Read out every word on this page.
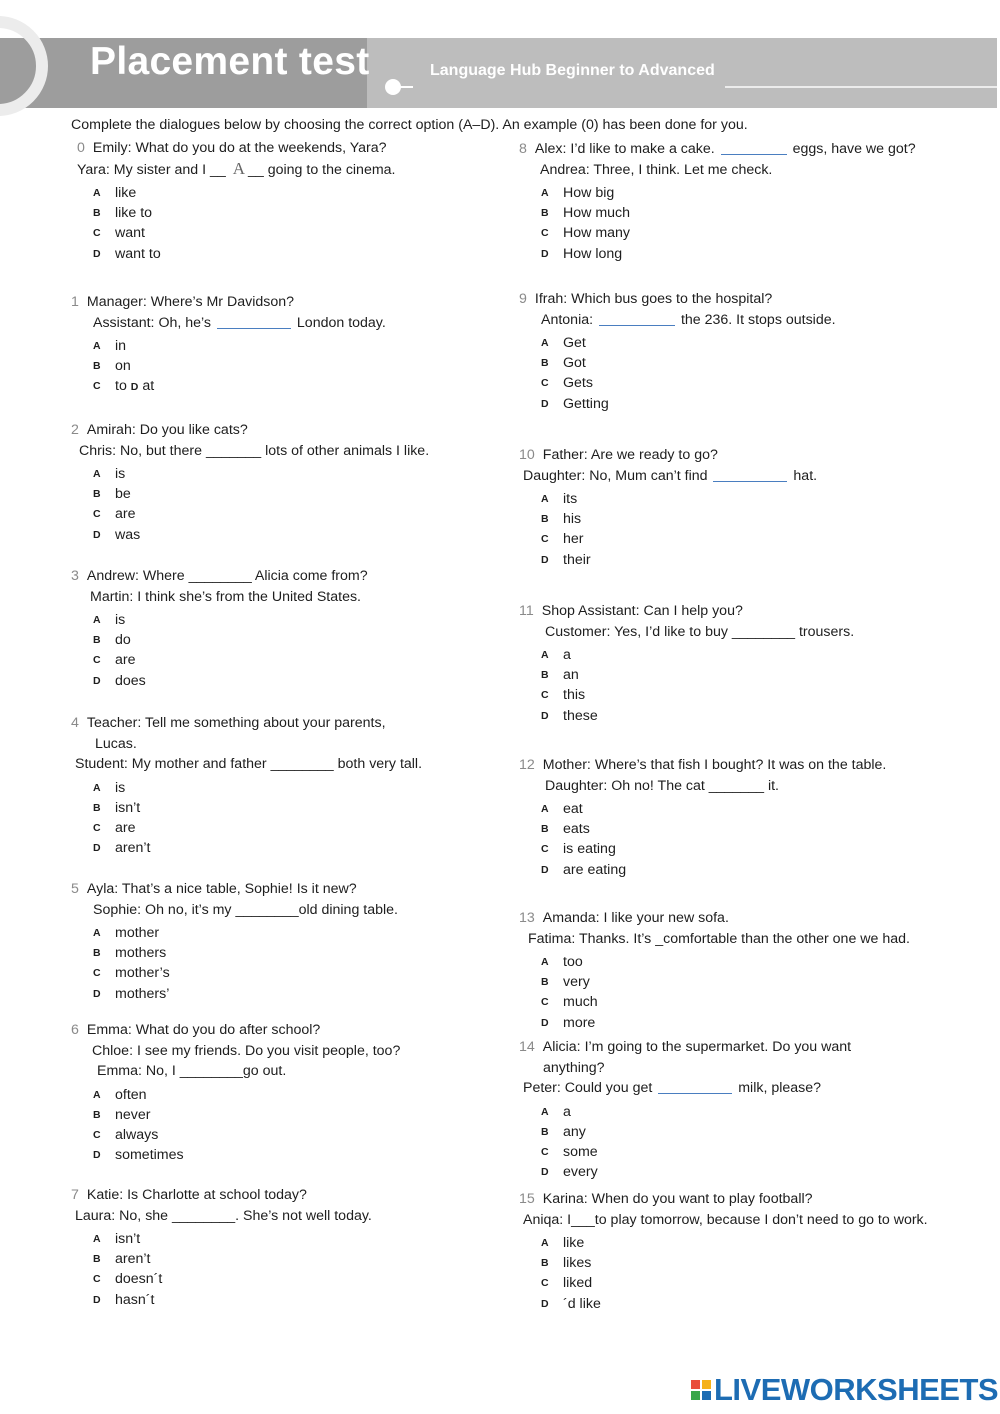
Placement test	Language Hub Beginner to Advanced
Complete the dialogues below by choosing the correct option (A–D). An example (0) has been done for you.
0 Emily: What do you do at the weekends, Yara?
Yara: My sister and I __ A __ going to the cinema.
A like
B like to
C want
D want to
1 Manager: Where’s Mr Davidson?
Assistant: Oh, he’s	London today.
A in
B on
C to D at
2 Amirah: Do you like cats?
Chris: No, but there _______ lots of other animals I like.
A is
B be
C are
D was
3 Andrew: Where ________ Alicia come from?
Martin: I think she’s from the United States.
A is
B do
C are
D does
4 Teacher: Tell me something about your parents,
Lucas.
Student: My mother and father ________ both very tall.
A is
B isn’t
C are
D aren’t
5 Ayla: That’s a nice table, Sophie! Is it new?
Sophie: Oh no, it’s my ________old dining table.
A mother
B mothers
C mother’s
D mothers’
6 Emma: What do you do after school?
Chloe: I see my friends. Do you visit people, too?
Emma: No, I ________go out.
A often
B never
C always
D sometimes
7 Katie: Is Charlotte at school today?
Laura: No, she ________. She’s not well today.
A isn’t
B aren’t
C doesn´t
D hasn´t
8 Alex: I’d like to make a cake.	eggs, have we got?
Andrea: Three, I think. Let me check.
A How big
B How much
C How many
D How long
9 Ifrah: Which bus goes to the hospital?
Antonia:	the 236. It stops outside.
A Get
B Got
C Gets
D Getting
10 Father: Are we ready to go?
Daughter: No, Mum can’t find	hat.
A its
B his
C her
D their
11 Shop Assistant: Can I help you?
Customer: Yes, I’d like to buy ________ trousers.
A a
B an
C this
D these
12 Mother: Where’s that fish I bought? It was on the table.
Daughter: Oh no! The cat _______ it.
A eat
B eats
C is eating
D are eating
13 Amanda: I like your new sofa.
Fatima: Thanks. It’s _comfortable than the other one we had.
A too
B very
C much
D more
14 Alicia: I’m going to the supermarket. Do you want
anything?
Peter: Could you get	milk, please?
A a
B any
C some
D every
15 Karina: When do you want to play football?
Aniqa: I___to play tomorrow, because I don’t need to go to work.
A like
B likes
C liked
D ´d like
LIVEWORKSHEETS
